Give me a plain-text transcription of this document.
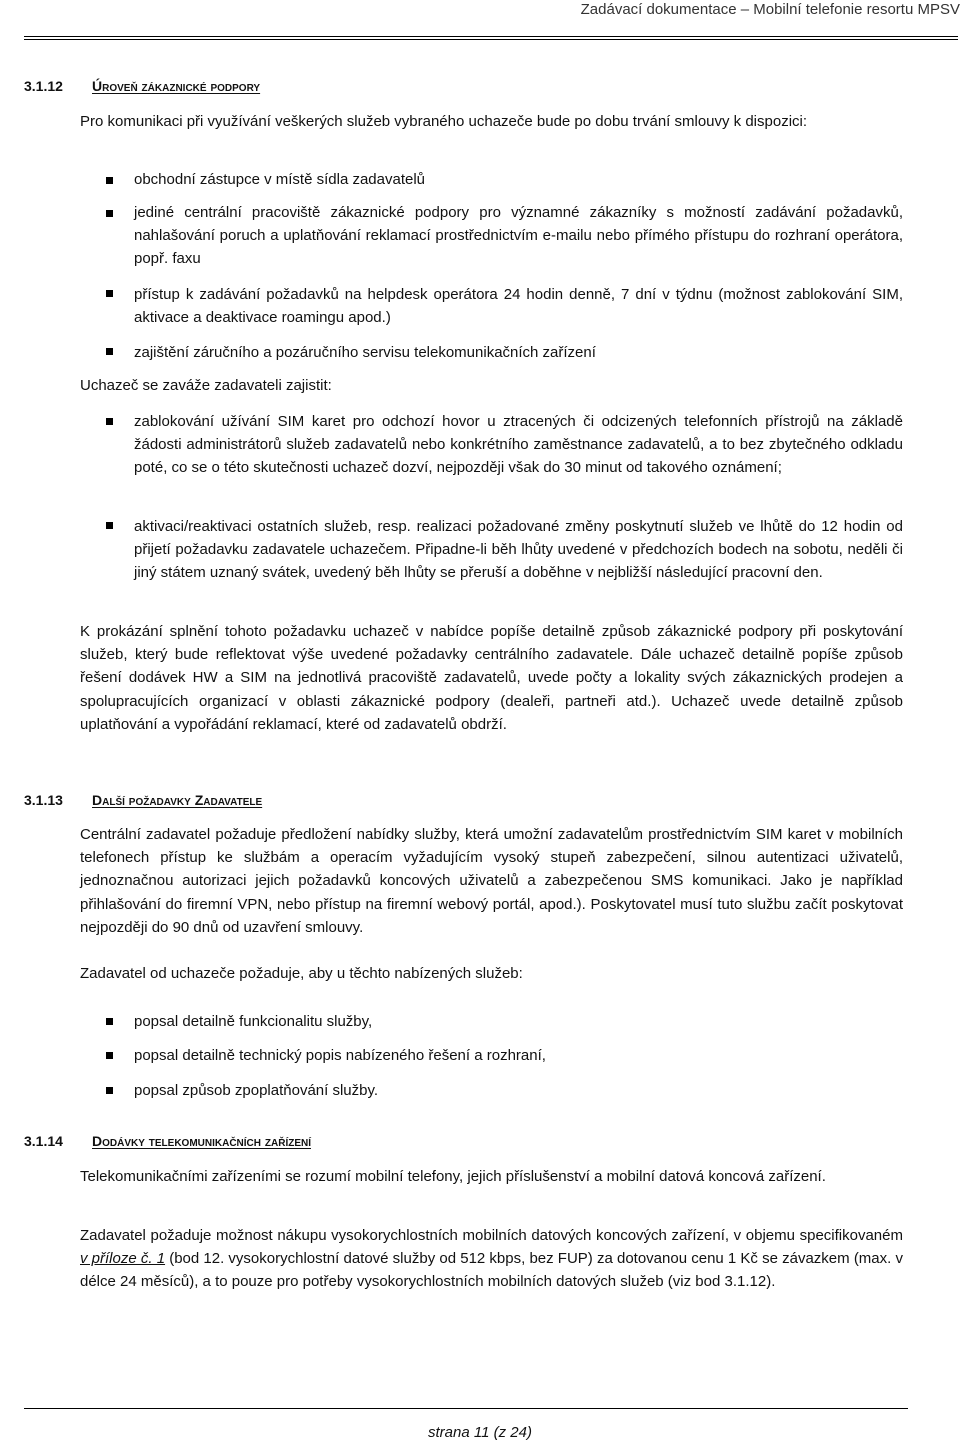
Zadávací dokumentace – Mobilní telefonie resortu MPSV
3.1.12 Úroveň zákaznické podpory
Pro komunikaci při využívání veškerých služeb vybraného uchazeče bude po dobu trvání smlouvy k dispozici:
obchodní zástupce v místě sídla zadavatelů
jediné centrální pracoviště zákaznické podpory pro významné zákazníky s možností zadávání požadavků, nahlašování poruch a uplatňování reklamací prostřednictvím e-mailu nebo přímého přístupu do rozhraní operátora, popř. faxu
přístup k zadávání požadavků na helpdesk operátora 24 hodin denně, 7 dní v týdnu (možnost zablokování SIM, aktivace a deaktivace roamingu apod.)
zajištění záručního a pozáručního servisu telekomunikačních zařízení
Uchazeč se zaváže zadavateli zajistit:
zablokování užívání SIM karet pro odchozí hovor u ztracených či odcizených telefonních přístrojů na základě žádosti administrátorů služeb zadavatelů nebo konkrétního zaměstnance zadavatelů, a to bez zbytečného odkladu poté, co se o této skutečnosti uchazeč dozví, nejpozději však do 30 minut od takového oznámení;
aktivaci/reaktivaci ostatních služeb, resp. realizaci požadované změny poskytnutí služeb ve lhůtě do 12 hodin od přijetí požadavku zadavatele uchazečem. Připadne-li běh lhůty uvedené v předchozích bodech na sobotu, neděli či jiný státem uznaný svátek, uvedený běh lhůty se přeruší a doběhne v nejbližší následující pracovní den.
K prokázání splnění tohoto požadavku uchazeč v nabídce popíše detailně způsob zákaznické podpory při poskytování služeb, který bude reflektovat výše uvedené požadavky centrálního zadavatele. Dále uchazeč detailně popíše způsob řešení dodávek HW a SIM na jednotlivá pracoviště zadavatelů, uvede počty a lokality svých zákaznických prodejen a spolupracujících organizací v oblasti zákaznické podpory (dealeři, partneři atd.). Uchazeč uvede detailně způsob uplatňování a vypořádání reklamací, které od zadavatelů obdrží.
3.1.13 Další požadavky Zadavatele
Centrální zadavatel požaduje předložení nabídky služby, která umožní zadavatelům prostřednictvím SIM karet v mobilních telefonech přístup ke službám a operacím vyžadujícím vysoký stupeň zabezpečení, silnou autentizaci uživatelů, jednoznačnou autorizaci jejich požadavků koncových uživatelů a zabezpečenou SMS komunikaci. Jako je například přihlašování do firemní VPN, nebo přístup na firemní webový portál, apod.). Poskytovatel musí tuto službu začít poskytovat nejpozději do 90 dnů od uzavření smlouvy.
Zadavatel od uchazeče požaduje, aby u těchto nabízených služeb:
popsal detailně funkcionalitu služby,
popsal detailně technický popis nabízeného řešení a rozhraní,
popsal způsob zpoplatňování služby.
3.1.14 Dodávky telekomunikačních zařízení
Telekomunikačními zařízeními se rozumí mobilní telefony, jejich příslušenství a mobilní datová koncová zařízení.
Zadavatel požaduje možnost nákupu vysokorychlostních mobilních datových koncových zařízení, v objemu specifikovaném v příloze č. 1 (bod 12. vysokorychlostní datové služby od 512 kbps, bez FUP) za dotovanou cenu 1 Kč se závazkem (max. v délce 24 měsíců), a to pouze pro potřeby vysokorychlostních mobilních datových služeb (viz bod 3.1.12).
strana 11 (z 24)
